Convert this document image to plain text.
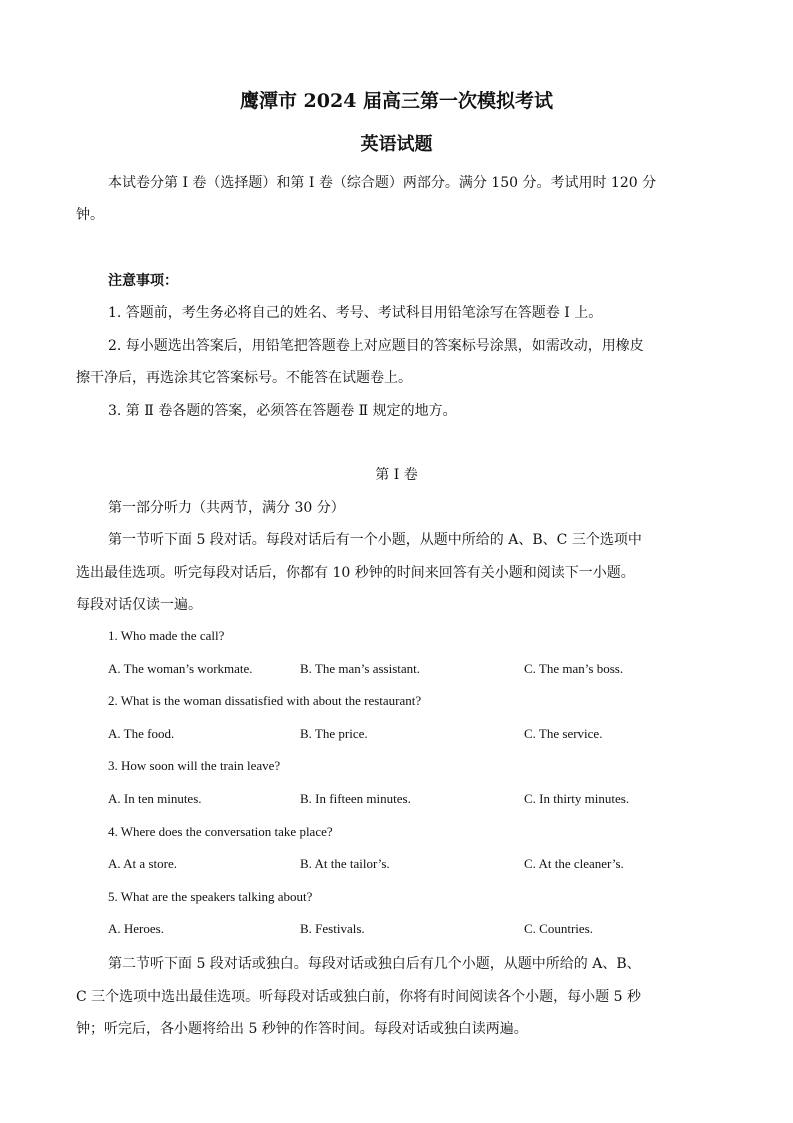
鹰潭市 2024 届高三第一次模拟考试
英语试题
本试卷分第 I 卷（选择题）和第 I 卷（综合题）两部分。满分 150 分。考试用时 120 分
钟。
注意事项：
1. 答题前，考生务必将自己的姓名、考号、考试科目用铅笔涂写在答题卷 I 上。
2. 每小题选出答案后，用铅笔把答题卷上对应题目的答案标号涂黑，如需改动，用橡皮
擦干净后，再选涂其它答案标号。不能答在试题卷上。
3. 第 Ⅱ 卷各题的答案，必须答在答题卷 Ⅱ 规定的地方。
第 I 卷
第一部分听力（共两节，满分 30 分）
第一节听下面 5 段对话。每段对话后有一个小题，从题中所给的 A、B、C 三个选项中
选出最佳选项。听完每段对话后，你都有 10 秒钟的时间来回答有关小题和阅读下一小题。
每段对话仅读一遍。
1. Who made the call?
A. The woman’s workmate.	B. The man’s assistant.	C. The man’s boss.
2. What is the woman dissatisfied with about the restaurant?
A. The food.	B. The price.	C. The service.
3. How soon will the train leave?
A. In ten minutes.	B. In fifteen minutes.	C. In thirty minutes.
4. Where does the conversation take place?
A. At a store.	B. At the tailor’s.	C. At the cleaner’s.
5. What are the speakers talking about?
A. Heroes.	B. Festivals.	C. Countries.
第二节听下面 5 段对话或独白。每段对话或独白后有几个小题，从题中所给的 A、B、
C 三个选项中选出最佳选项。听每段对话或独白前，你将有时间阅读各个小题，每小题 5 秒
钟；听完后，各小题将给出 5 秒钟的作答时间。每段对话或独白读两遍。
